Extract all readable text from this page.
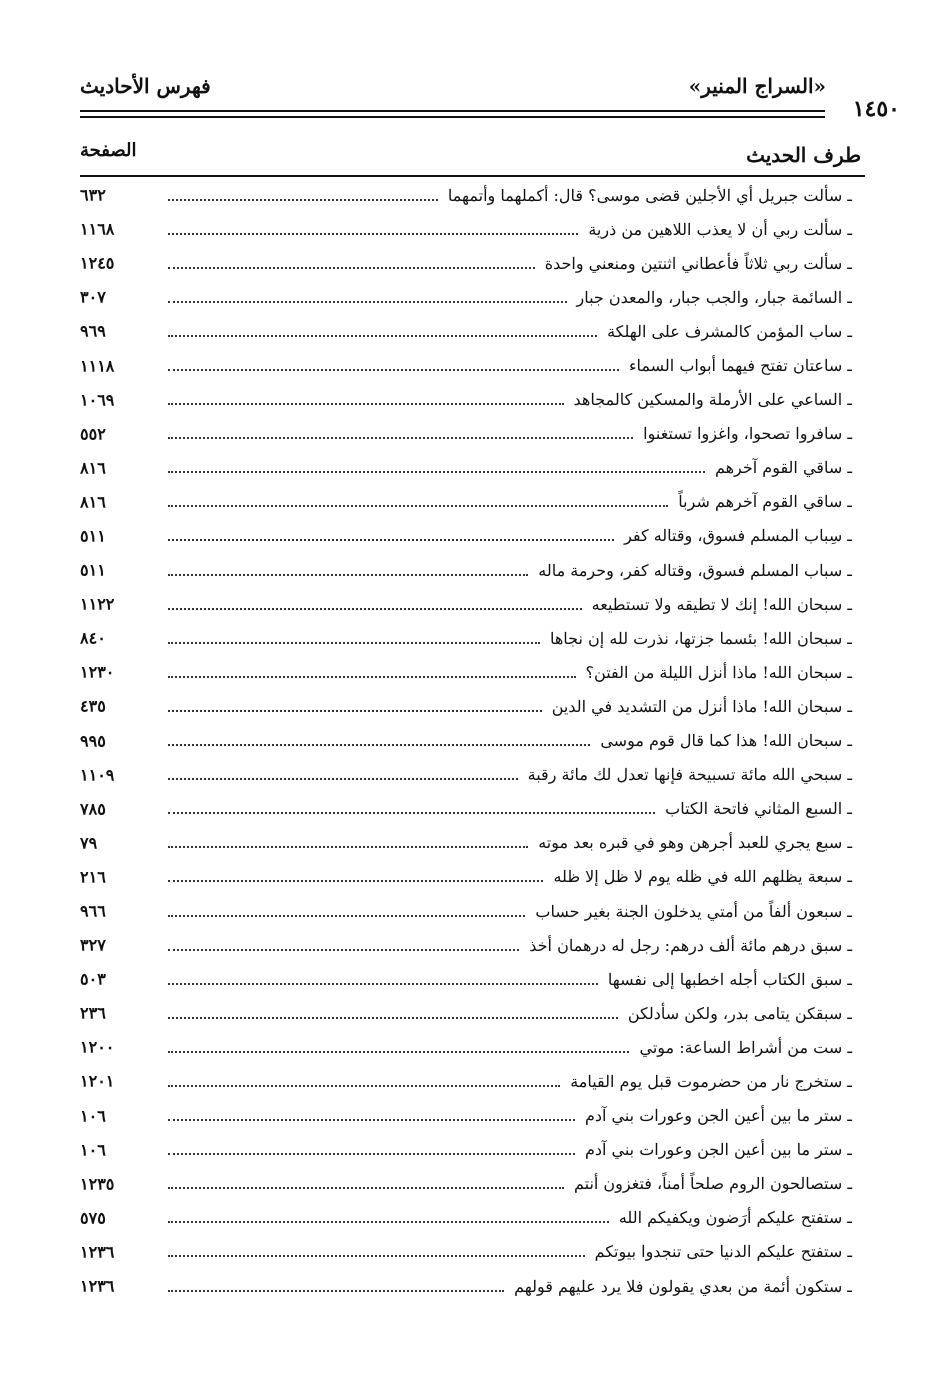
«السراج المنير»
فهرس الأحاديث
١٤٥٠
طرف الحديث
الصفحة
ـ سألت جبريل أي الأجلين قضى موسى؟ قال: أكملهما وأتمهما
٦٣٢
ـ سألت ربي أن لا يعذب اللاهين من ذرية
١١٦٨
ـ سألت ربي ثلاثاً فأعطاني اثنتين ومنعني واحدة
١٢٤٥
ـ السائمة جبار، والجب جبار، والمعدن جبار
٣٠٧
ـ ساب المؤمن كالمشرف على الهلكة
٩٦٩
ـ ساعتان تفتح فيهما أبواب السماء
١١١٨
ـ الساعي على الأرملة والمسكين كالمجاهد
١٠٦٩
ـ سافروا تصحوا، واغزوا تستغنوا
٥٥٢
ـ ساقي القوم آخرهم
٨١٦
ـ ساقي القوم آخرهم شرباً
٨١٦
ـ سِباب المسلم فسوق، وقتاله كفر
٥١١
ـ سباب المسلم فسوق، وقتاله كفر، وحرمة ماله
٥١١
ـ سبحان الله! إنك لا تطيقه ولا تستطيعه
١١٢٢
ـ سبحان الله! بئسما جزتها، نذرت لله إن نجاها
٨٤٠
ـ سبحان الله! ماذا أنزل الليلة من الفتن؟
١٢٣٠
ـ سبحان الله! ماذا أنزل من التشديد في الدين
٤٣٥
ـ سبحان الله! هذا كما قال قوم موسى
٩٩٥
ـ سبحي الله مائة تسبيحة فإنها تعدل لك مائة رقبة
١١٠٩
ـ السبع المثاني فاتحة الكتاب
٧٨٥
ـ سبع يجري للعبد أجرهن وهو في قبره بعد موته
٧٩
ـ سبعة يظلهم الله في ظله يوم لا ظل إلا ظله
٢١٦
ـ سبعون ألفاً من أمتي يدخلون الجنة بغير حساب
٩٦٦
ـ سبق درهم مائة ألف درهم: رجل له درهمان أخذ
٣٢٧
ـ سبق الكتاب أجله اخطبها إلى نفسها
٥٠٣
ـ سبقكن يتامى بدر، ولكن سأدلكن
٢٣٦
ـ ست من أشراط الساعة: موتي
١٢٠٠
ـ ستخرج نار من حضرموت قبل يوم القيامة
١٢٠١
ـ ستر ما بين أعين الجن وعورات بني آدم
١٠٦
ـ ستر ما بين أعين الجن وعورات بني آدم
١٠٦
ـ ستصالحون الروم صلحاً أمناً، فتغزون أنتم
١٢٣٥
ـ ستفتح عليكم أرَضون ويكفيكم الله
٥٧٥
ـ ستفتح عليكم الدنيا حتى تنجدوا بيوتكم
١٢٣٦
ـ ستكون أئمة من بعدي يقولون فلا يرد عليهم قولهم
١٢٣٦
